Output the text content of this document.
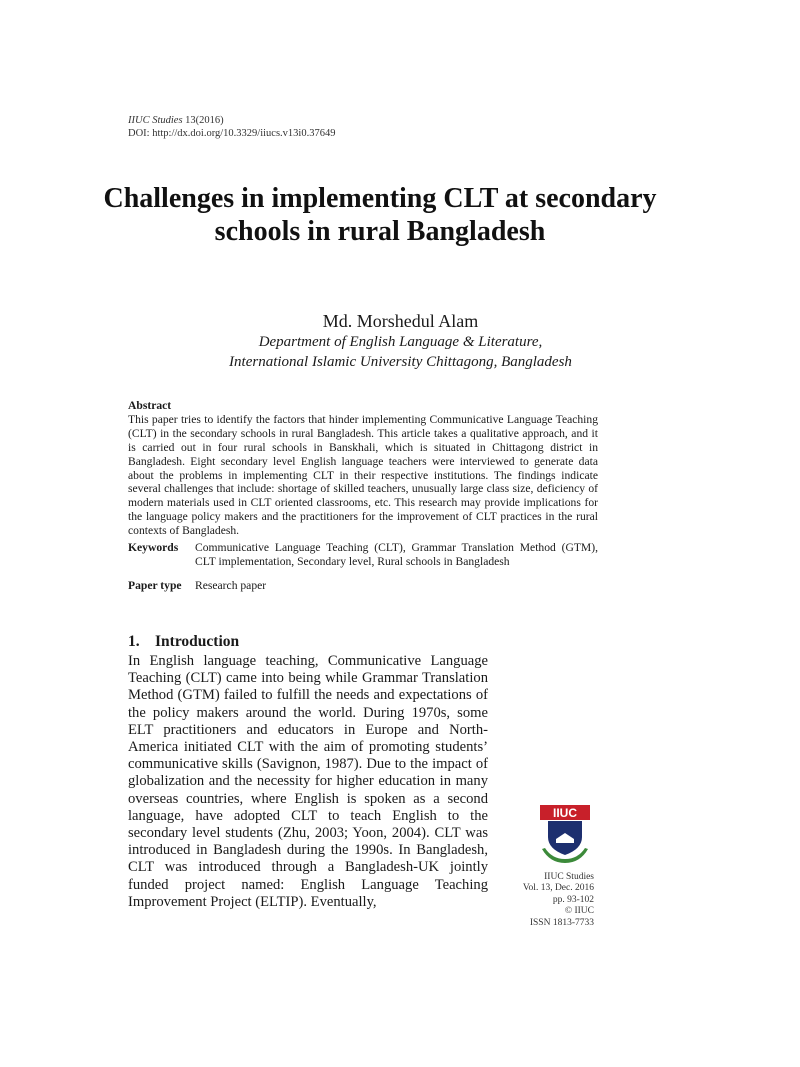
IIUC Studies 13(2016)
DOI: http://dx.doi.org/10.3329/iiucs.v13i0.37649
Challenges in implementing CLT at secondary schools in rural Bangladesh
Md. Morshedul Alam
Department of English Language & Literature,
International Islamic University Chittagong, Bangladesh
Abstract

This paper tries to identify the factors that hinder implementing Communicative Language Teaching (CLT) in the secondary schools in rural Bangladesh. This article takes a qualitative approach, and it is carried out in four rural schools in Banskhali, which is situated in Chittagong district in Bangladesh. Eight secondary level English language teachers were interviewed to generate data about the problems in implementing CLT in their respective institutions. The findings indicate several challenges that include: shortage of skilled teachers, unusually large class size, deficiency of modern materials used in CLT oriented classrooms, etc. This research may provide implications for the language policy makers and the practitioners for the improvement of CLT practices in the rural contexts of Bangladesh.

Keywords	Communicative Language Teaching (CLT), Grammar Translation Method (GTM), CLT implementation, Secondary level, Rural schools in Bangladesh
Paper type	Research paper
1. Introduction

In English language teaching, Communicative Language Teaching (CLT) came into being while Grammar Translation Method (GTM) failed to fulfill the needs and expectations of the policy makers around the world. During 1970s, some ELT practitioners and educators in Europe and North-America initiated CLT with the aim of promoting students’ communicative skills (Savignon, 1987). Due to the impact of globalization and the necessity for higher education in many overseas countries, where English is spoken as a second language, have adopted CLT to teach English to the secondary level students (Zhu, 2003; Yoon, 2004). CLT was introduced in Bangladesh during the 1990s. In Bangladesh, CLT was introduced through a Bangladesh-UK jointly funded project named: English Language Teaching Improvement Project (ELTIP). Eventually,

IIUC
IIUC Studies
Vol. 13, Dec. 2016
pp. 93-102
© IIUC
ISSN 1813-7733
